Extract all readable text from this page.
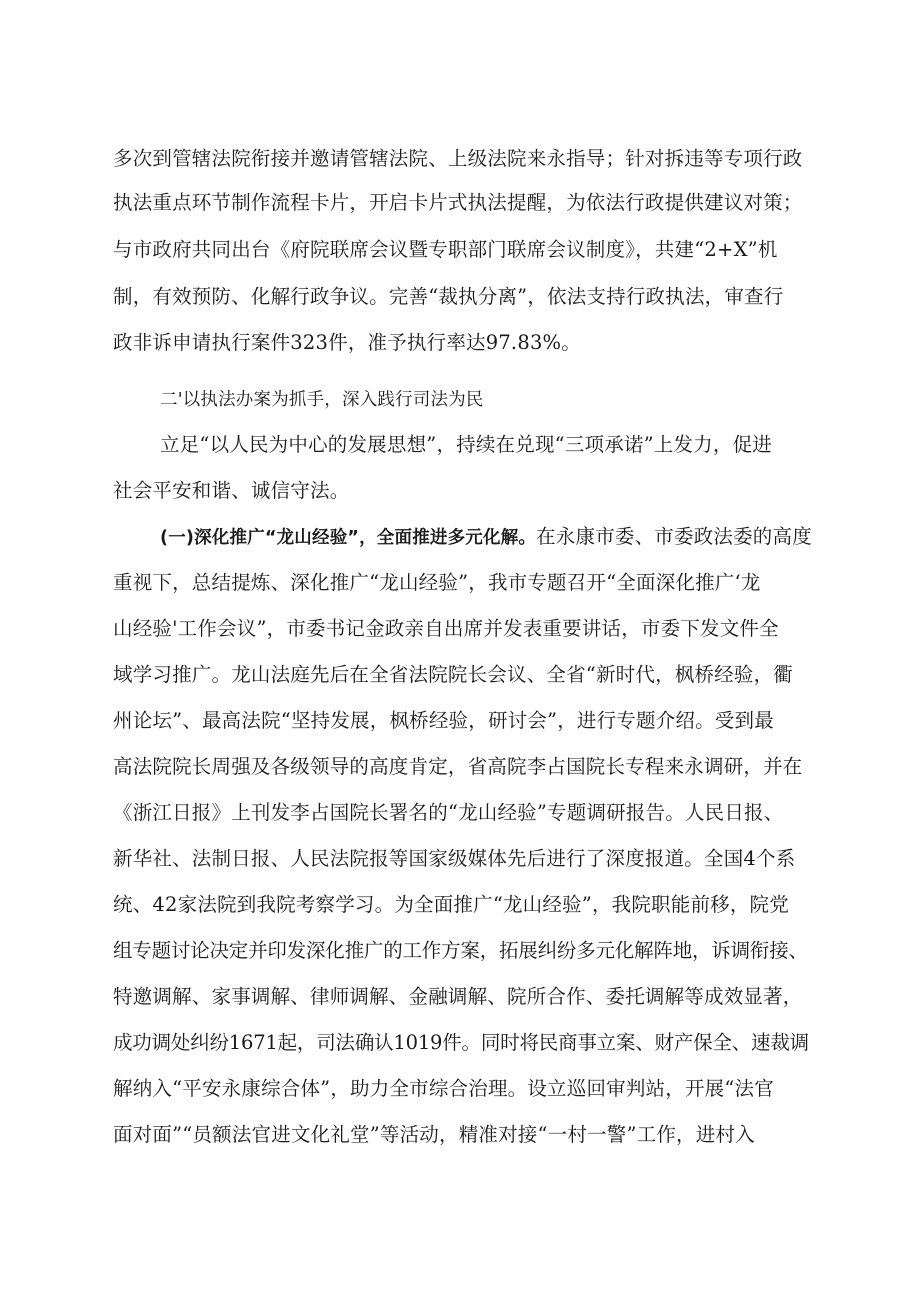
多次到管辖法院衔接并邀请管辖法院、上级法院来永指导；针对拆违等专项行政
执法重点环节制作流程卡片，开启卡片式执法提醒，为依法行政提供建议对策；
与市政府共同出台《府院联席会议暨专职部门联席会议制度》，共建“2+X”机
制，有效预防、化解行政争议。完善“裁执分离”，依法支持行政执法，审查行
政非诉申请执行案件323件，准予执行率达97.83%。
二'以执法办案为抓手，深入践行司法为民
立足“以人民为中心的发展思想”，持续在兑现“三项承诺”上发力，促进
社会平安和谐、诚信守法。
(一)深化推广“龙山经验”，全面推进多元化解。在永康市委、市委政法委的高度
重视下，总结提炼、深化推广“龙山经验”，我市专题召开“全面深化推广‘龙
山经验'工作会议”，市委书记金政亲自出席并发表重要讲话，市委下发文件全
域学习推广。龙山法庭先后在全省法院院长会议、全省“新时代，枫桥经验，衢
州论坛”、最高法院“坚持发展，枫桥经验，研讨会”，进行专题介绍。受到最
高法院院长周强及各级领导的高度肯定，省高院李占国院长专程来永调研，并在
《浙江日报》上刊发李占国院长署名的“龙山经验”专题调研报告。人民日报、
新华社、法制日报、人民法院报等国家级媒体先后进行了深度报道。全国4个系
统、42家法院到我院考察学习。为全面推广“龙山经验”，我院职能前移，院党
组专题讨论决定并印发深化推广的工作方案，拓展纠纷多元化解阵地，诉调衔接、
特邀调解、家事调解、律师调解、金融调解、院所合作、委托调解等成效显著，
成功调处纠纷1671起，司法确认1019件。同时将民商事立案、财产保全、速裁调
解纳入“平安永康综合体”，助力全市综合治理。设立巡回审判站，开展“法官
面对面”“员额法官进文化礼堂”等活动，精准对接“一村一警”工作，进村入
